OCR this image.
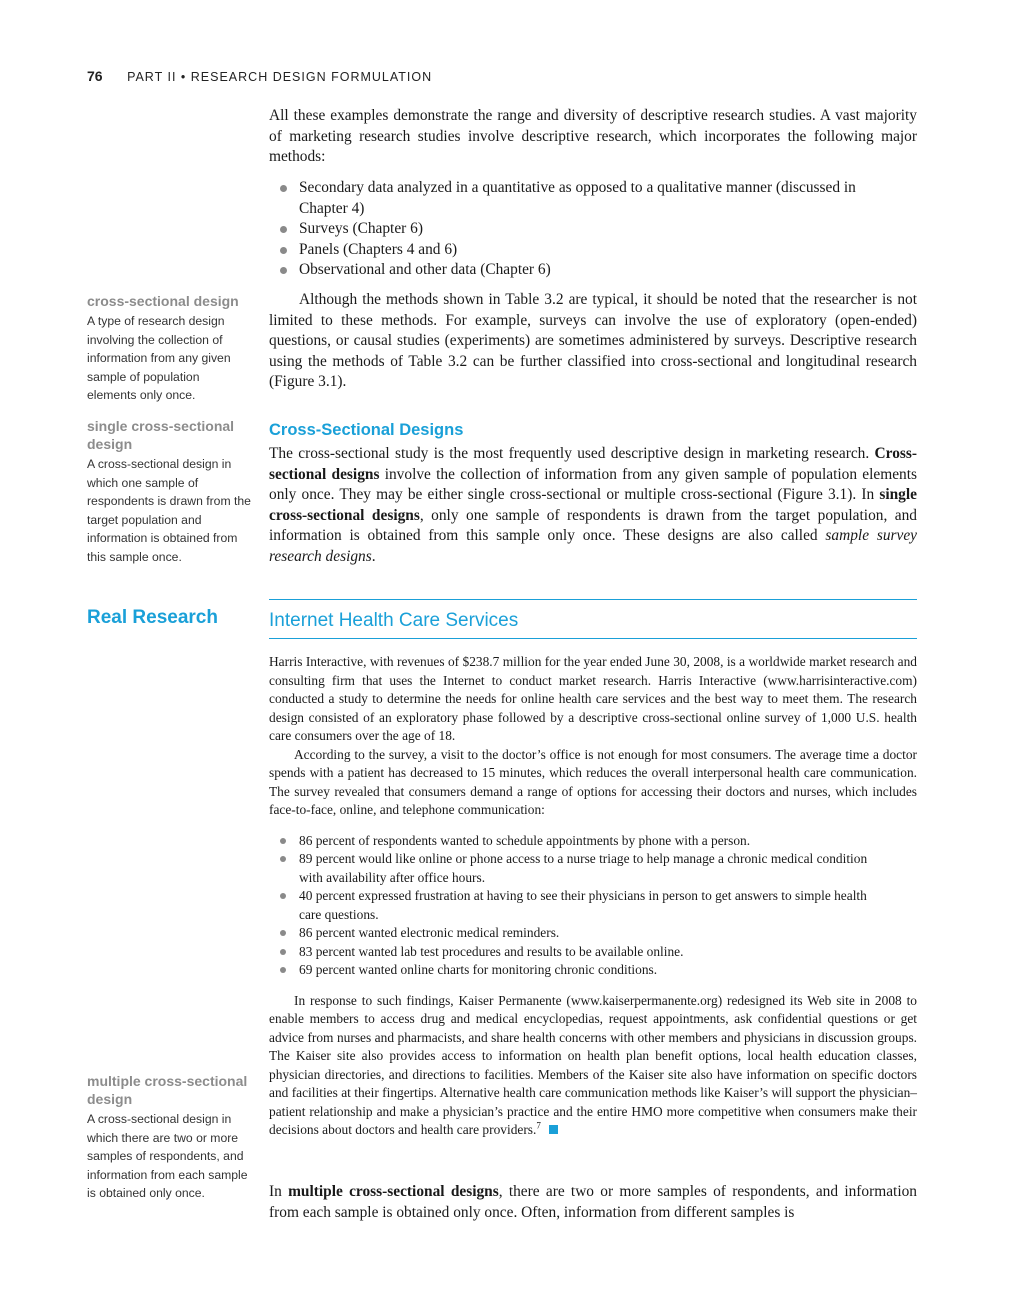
76 PART II • RESEARCH DESIGN FORMULATION

All these examples demonstrate the range and diversity of descriptive research studies. A vast majority of marketing research studies involve descriptive research, which incorporates the following major methods:

Secondary data analyzed in a quantitative as opposed to a qualitative manner (discussed in Chapter 4)
Surveys (Chapter 6)
Panels (Chapters 4 and 6)
Observational and other data (Chapter 6)

Although the methods shown in Table 3.2 are typical, it should be noted that the researcher is not limited to these methods. For example, surveys can involve the use of exploratory (open-ended) questions, or causal studies (experiments) are sometimes administered by surveys. Descriptive research using the methods of Table 3.2 can be further classified into cross-sectional and longitudinal research (Figure 3.1).

Cross-Sectional Designs

The cross-sectional study is the most frequently used descriptive design in marketing research. Cross-sectional designs involve the collection of information from any given sample of population elements only once. They may be either single cross-sectional or multiple cross-sectional (Figure 3.1). In single cross-sectional designs, only one sample of respondents is drawn from the target population, and information is obtained from this sample only once. These designs are also called sample survey research designs.

cross-sectional design
A type of research design involving the collection of information from any given sample of population elements only once.
single cross-sectional design
A cross-sectional design in which one sample of respondents is drawn from the target population and information is obtained from this sample once.
multiple cross-sectional design
A cross-sectional design in which there are two or more samples of respondents, and information from each sample is obtained only once.
Real Research	Internet Health Care Services

Harris Interactive, with revenues of $238.7 million for the year ended June 30, 2008, is a worldwide market research and consulting firm that uses the Internet to conduct market research. Harris Interactive (www.harrisinteractive.com) conducted a study to determine the needs for online health care services and the best way to meet them. The research design consisted of an exploratory phase followed by a descriptive cross-sectional online survey of 1,000 U.S. health care consumers over the age of 18.

According to the survey, a visit to the doctor’s office is not enough for most consumers. The average time a doctor spends with a patient has decreased to 15 minutes, which reduces the overall interpersonal health care communication. The survey revealed that consumers demand a range of options for accessing their doctors and nurses, which includes face-to-face, online, and telephone communication:

86 percent of respondents wanted to schedule appointments by phone with a person.
89 percent would like online or phone access to a nurse triage to help manage a chronic medical condition with availability after office hours.
40 percent expressed frustration at having to see their physicians in person to get answers to simple health care questions.
86 percent wanted electronic medical reminders.
83 percent wanted lab test procedures and results to be available online.
69 percent wanted online charts for monitoring chronic conditions.

In response to such findings, Kaiser Permanente (www.kaiserpermanente.org) redesigned its Web site in 2008 to enable members to access drug and medical encyclopedias, request appointments, ask confidential questions or get advice from nurses and pharmacists, and share health concerns with other members and physicians in discussion groups. The Kaiser site also provides access to information on health plan benefit options, local health education classes, physician directories, and directions to facilities. Members of the Kaiser site also have information on specific doctors and facilities at their fingertips. Alternative health care communication methods like Kaiser’s will support the physician–patient relationship and make a physician’s practice and the entire HMO more competitive when consumers make their decisions about doctors and health care providers.$^7$

In multiple cross-sectional designs, there are two or more samples of respondents, and information from each sample is obtained only once. Often, information from different samples is
